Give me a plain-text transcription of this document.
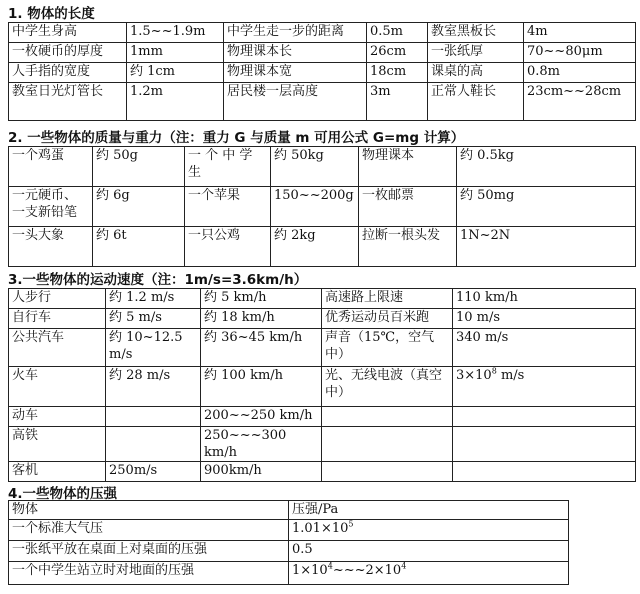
1. 物体的长度
中学生身高	1.5~~1.9m	中学生走一步的距离	0.5m	教室黑板长	4m
一枚硬币的厚度	1mm	物理课本长	26cm	一张纸厚	70~~80μm
人手指的宽度	约 1cm	物理课本宽	18cm	课桌的高	0.8m
教室日光灯管长	1.2m	居民楼一层高度	3m	正常人鞋长	23cm~~28cm
2. 一些物体的质量与重力（注：重力 G 与质量 m 可用公式 G=mg 计算）
一个鸡蛋	约 50g	一 个 中 学 生	约 50kg	物理课本	约 0.5kg
一元硬币、一支新铅笔	约 6g	一个苹果	150~~200g	一枚邮票	约 50mg
一头大象	约 6t	一只公鸡	约 2kg	拉断一根头发	1N~2N
3.一些物体的运动速度（注：1m/s=3.6km/h）
人步行	约 1.2 m/s	约 5 km/h	高速路上限速	110 km/h
自行车	约 5 m/s	约 18 km/h	优秀运动员百米跑	10 m/s
公共汽车	约 10~12.5 m/s	约 36~45 km/h	声音（15℃，空气中）	340 m/s
火车	约 28 m/s	约 100 km/h	光、无线电波（真空中）	$3\times 10^8$ m/s
动车		200~~250 km/h		
高铁		250~~~300 km/h		
客机	250m/s	900km/h		
4.一些物体的压强
物体	压强/Pa
一个标准大气压	$1.01\times 10^5$
一张纸平放在桌面上对桌面的压强	0.5
一个中学生站立时对地面的压强	$1\times 10^4\sim\sim\sim 2\times 10^4$
